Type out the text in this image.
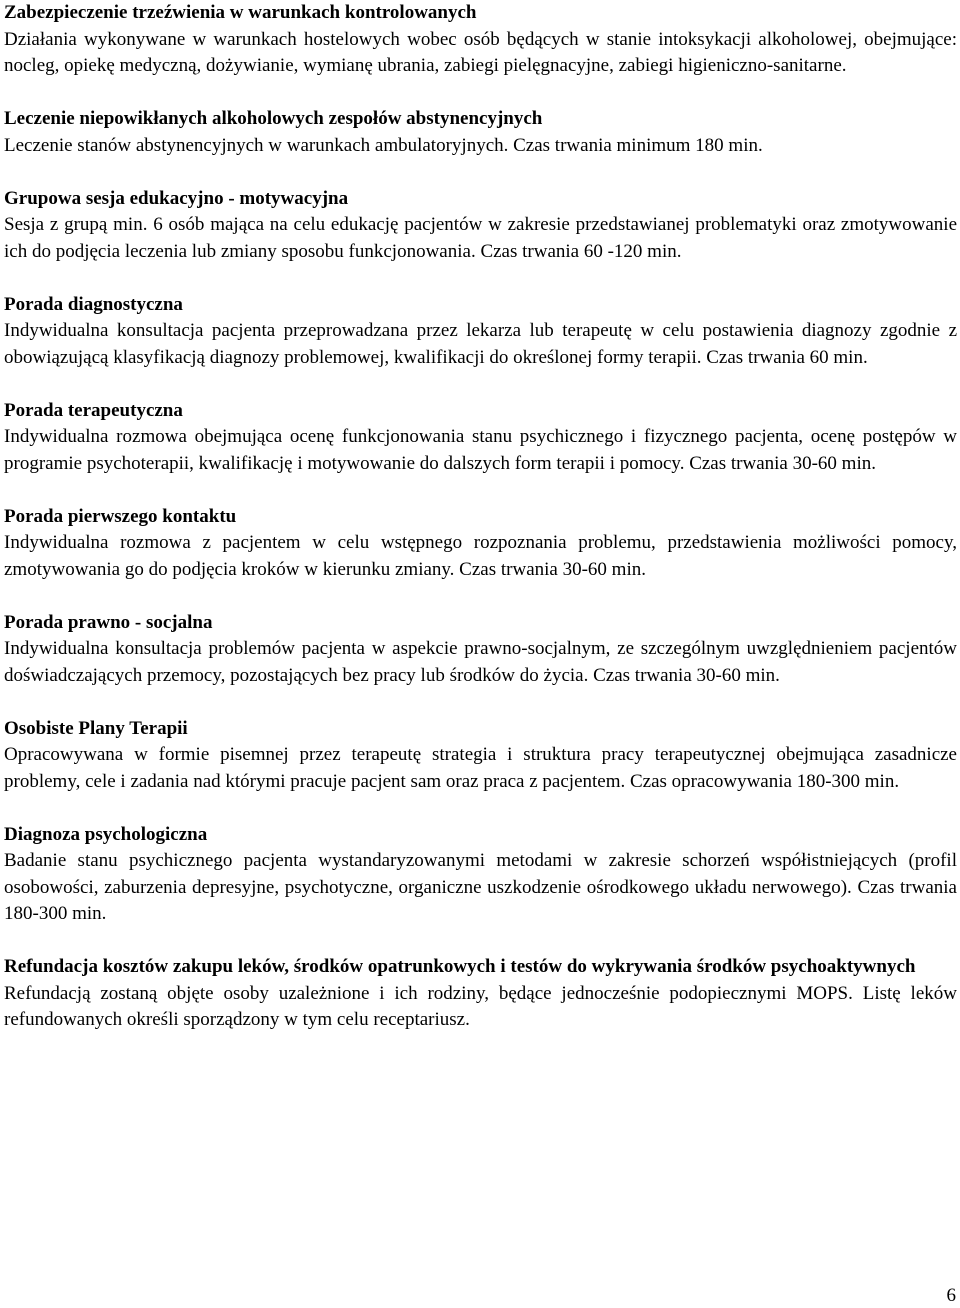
Zabezpieczenie trzeźwienia w warunkach kontrolowanych

Działania wykonywane w warunkach hostelowych wobec osób będących w stanie intoksykacji alkoholowej, obejmujące: nocleg, opiekę medyczną, dożywianie, wymianę ubrania, zabiegi pielęgnacyjne, zabiegi higieniczno-sanitarne.

Leczenie niepowikłanych alkoholowych zespołów abstynencyjnych

Leczenie stanów abstynencyjnych w warunkach ambulatoryjnych. Czas trwania minimum 180 min.

Grupowa sesja edukacyjno - motywacyjna

Sesja z grupą min. 6 osób mająca na celu edukację pacjentów w zakresie przedstawianej problematyki oraz zmotywowanie ich do podjęcia leczenia lub zmiany sposobu funkcjonowania. Czas trwania 60 -120 min.

Porada diagnostyczna

Indywidualna konsultacja pacjenta przeprowadzana przez lekarza lub terapeutę w celu postawienia diagnozy zgodnie z obowiązującą klasyfikacją diagnozy problemowej, kwalifikacji do określonej formy terapii. Czas trwania 60 min.

Porada terapeutyczna

Indywidualna rozmowa obejmująca ocenę funkcjonowania stanu psychicznego i fizycznego pacjenta, ocenę postępów w programie psychoterapii, kwalifikację i motywowanie do dalszych form terapii i pomocy. Czas trwania 30-60 min.

Porada pierwszego kontaktu

Indywidualna rozmowa z pacjentem w celu wstępnego rozpoznania problemu, przedstawienia możliwości pomocy, zmotywowania go do podjęcia kroków w kierunku zmiany. Czas trwania 30-60 min.

Porada prawno - socjalna

Indywidualna konsultacja problemów pacjenta w aspekcie prawno-socjalnym, ze szczególnym uwzględnieniem pacjentów doświadczających przemocy, pozostających bez pracy lub środków do życia. Czas trwania 30-60 min.

Osobiste Plany Terapii

Opracowywana w formie pisemnej przez terapeutę strategia i struktura pracy terapeutycznej obejmująca zasadnicze problemy, cele i zadania nad którymi pracuje pacjent sam oraz praca z pacjentem. Czas opracowywania 180-300 min.

Diagnoza psychologiczna

Badanie stanu psychicznego pacjenta wystandaryzowanymi metodami w zakresie schorzeń współistniejących (profil osobowości, zaburzenia depresyjne, psychotyczne, organiczne uszkodzenie ośrodkowego układu nerwowego). Czas trwania 180-300 min.

Refundacja kosztów zakupu leków, środków opatrunkowych i testów do wykrywania środków psychoaktywnych

Refundacją zostaną objęte osoby uzależnione i ich rodziny, będące jednocześnie podopiecznymi MOPS. Listę leków refundowanych określi sporządzony w tym celu receptariusz.

6
